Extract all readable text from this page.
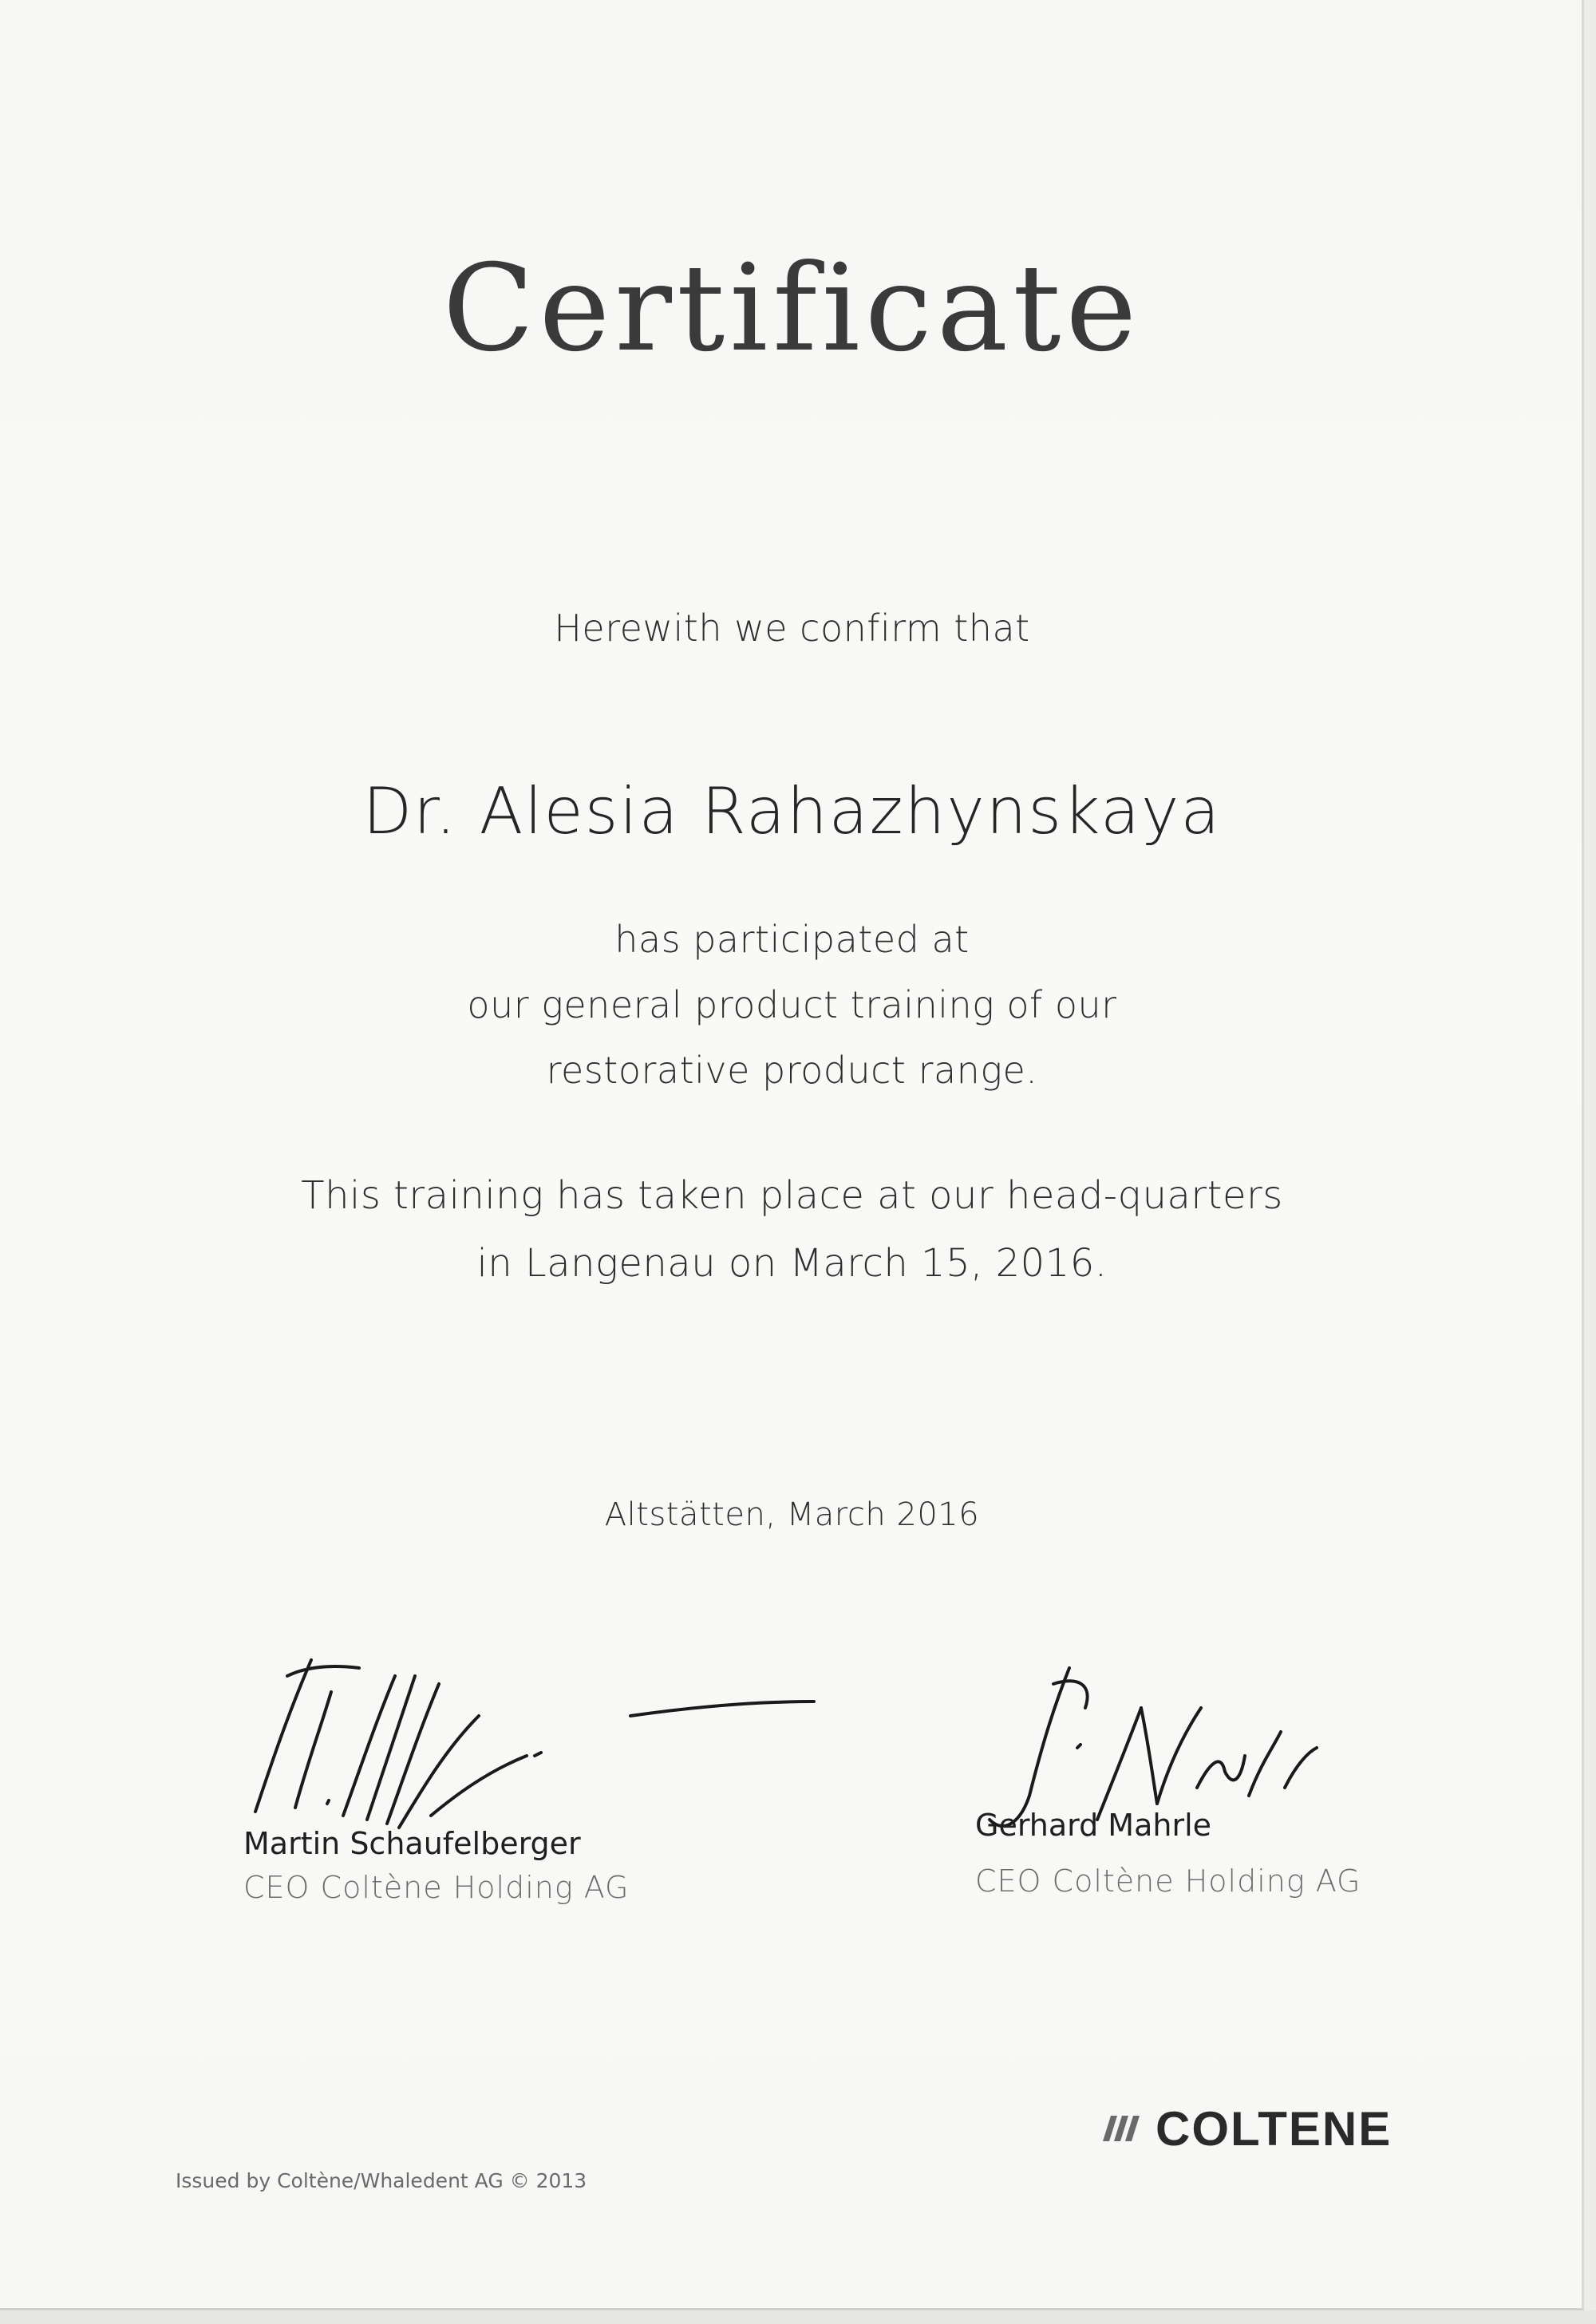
Certificate
Herewith we confirm that
Dr. Alesia Rahazhynskaya
has participated at
our general product training of our
restorative product range.
This training has taken place at our head-quarters
in Langenau on March 15, 2016.
Altstätten, March 2016
Martin Schaufelberger
CEO Coltène Holding AG
Gerhard Mahrle
CEO Coltène Holding AG
Issued by Coltène/Whaledent AG © 2013
COLTENE
